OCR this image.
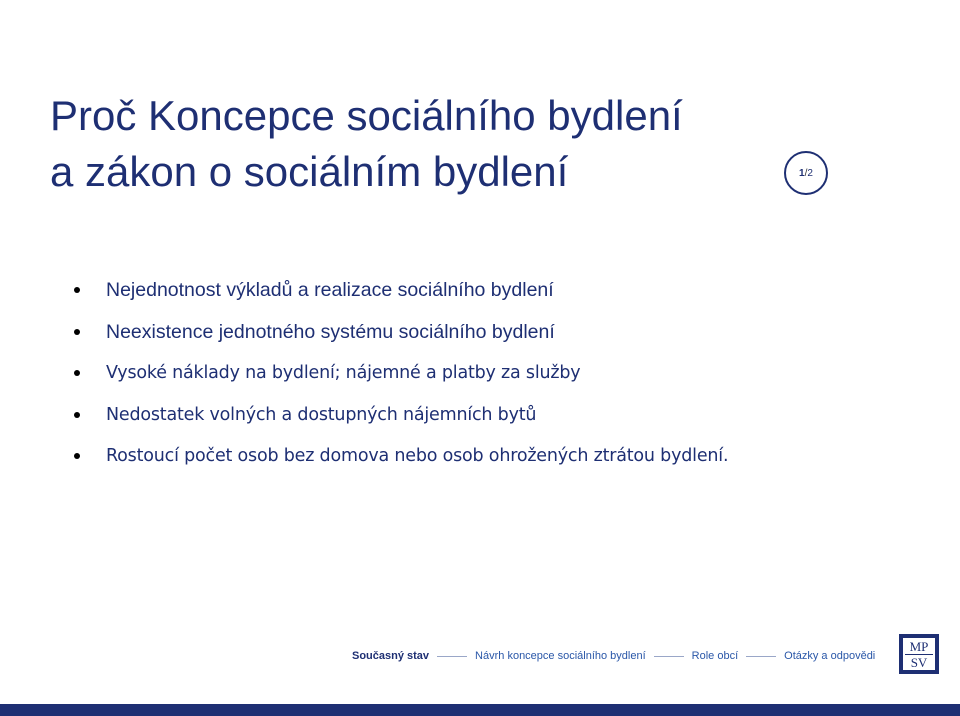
Proč Koncepce sociálního bydlení
a zákon o sociálním bydlení	1 / 2
Nejednotnost výkladů a realizace sociálního bydlení
Neexistence jednotného systému sociálního bydlení
Vysoké náklady na bydlení; nájemné a platby za služby
Nedostatek volných a dostupných nájemních bytů
Rostoucí počet osob bez domova nebo osob ohrožených ztrátou bydlení.
Současný stav	Návrh koncepce sociálního bydlení	Role obcí	Otázky a odpovědi
MP
SV
